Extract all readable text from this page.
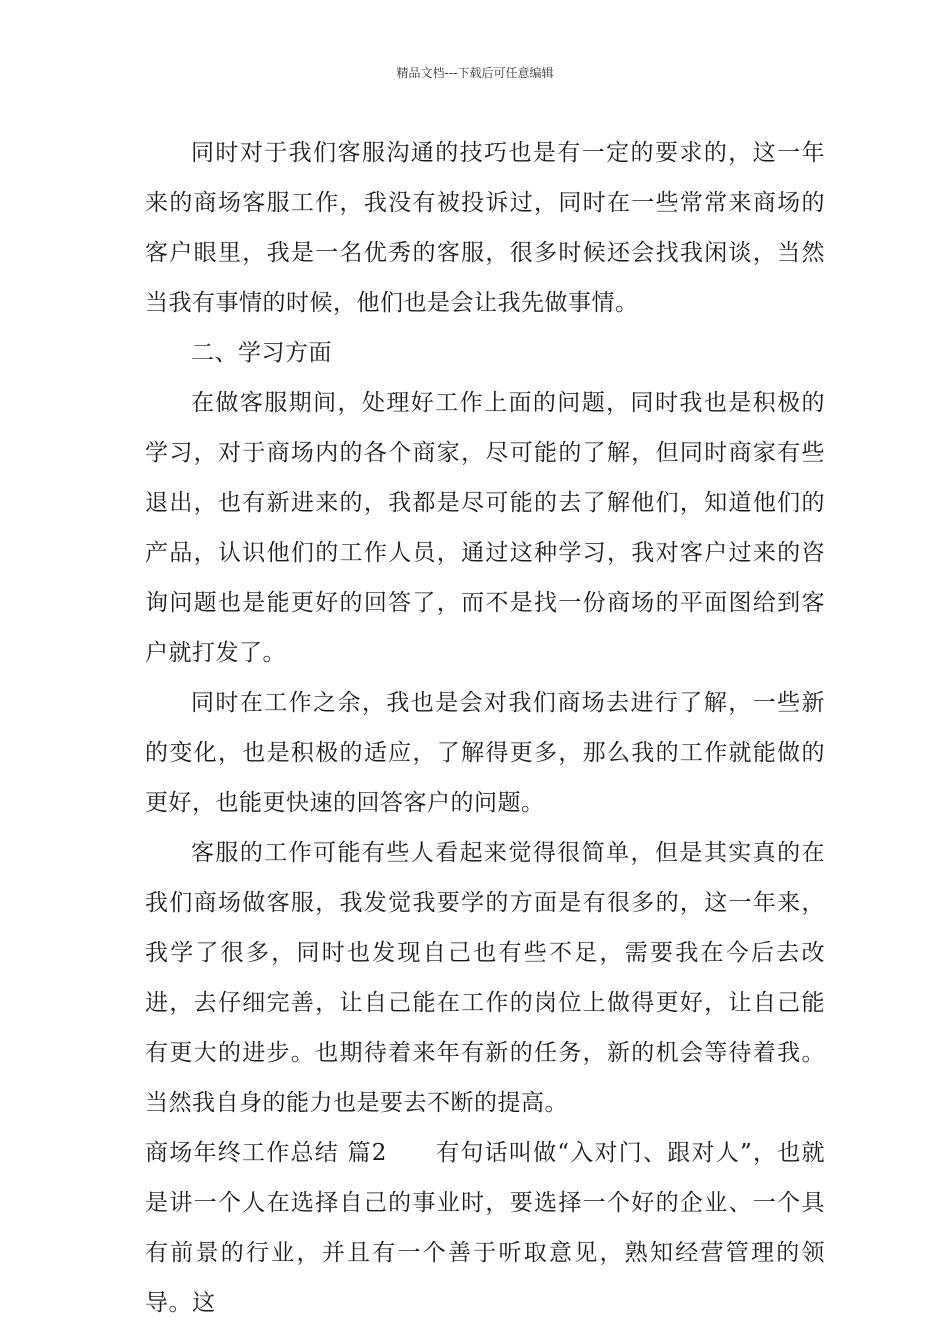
精品文档---下载后可任意编辑

同时对于我们客服沟通的技巧也是有一定的要求的，这一年来的商场客服工作，我没有被投诉过，同时在一些常常来商场的客户眼里，我是一名优秀的客服，很多时候还会找我闲谈，当然当我有事情的时候，他们也是会让我先做事情。

二、学习方面

在做客服期间，处理好工作上面的问题，同时我也是积极的学习，对于商场内的各个商家，尽可能的了解，但同时商家有些退出，也有新进来的，我都是尽可能的去了解他们，知道他们的产品，认识他们的工作人员，通过这种学习，我对客户过来的咨询问题也是能更好的回答了，而不是找一份商场的平面图给到客户就打发了。

同时在工作之余，我也是会对我们商场去进行了解，一些新的变化，也是积极的适应，了解得更多，那么我的工作就能做的更好，也能更快速的回答客户的问题。

客服的工作可能有些人看起来觉得很简单，但是其实真的在我们商场做客服，我发觉我要学的方面是有很多的，这一年来，我学了很多，同时也发现自己也有些不足，需要我在今后去改进，去仔细完善，让自己能在工作的岗位上做得更好，让自己能有更大的进步。也期待着来年有新的任务，新的机会等待着我。当然我自身的能力也是要去不断的提高。

商场年终工作总结 篇2　　有句话叫做“入对门、跟对人”，也就是讲一个人在选择自己的事业时，要选择一个好的企业、一个具有前景的行业，并且有一个善于听取意见，熟知经营管理的领导。这
